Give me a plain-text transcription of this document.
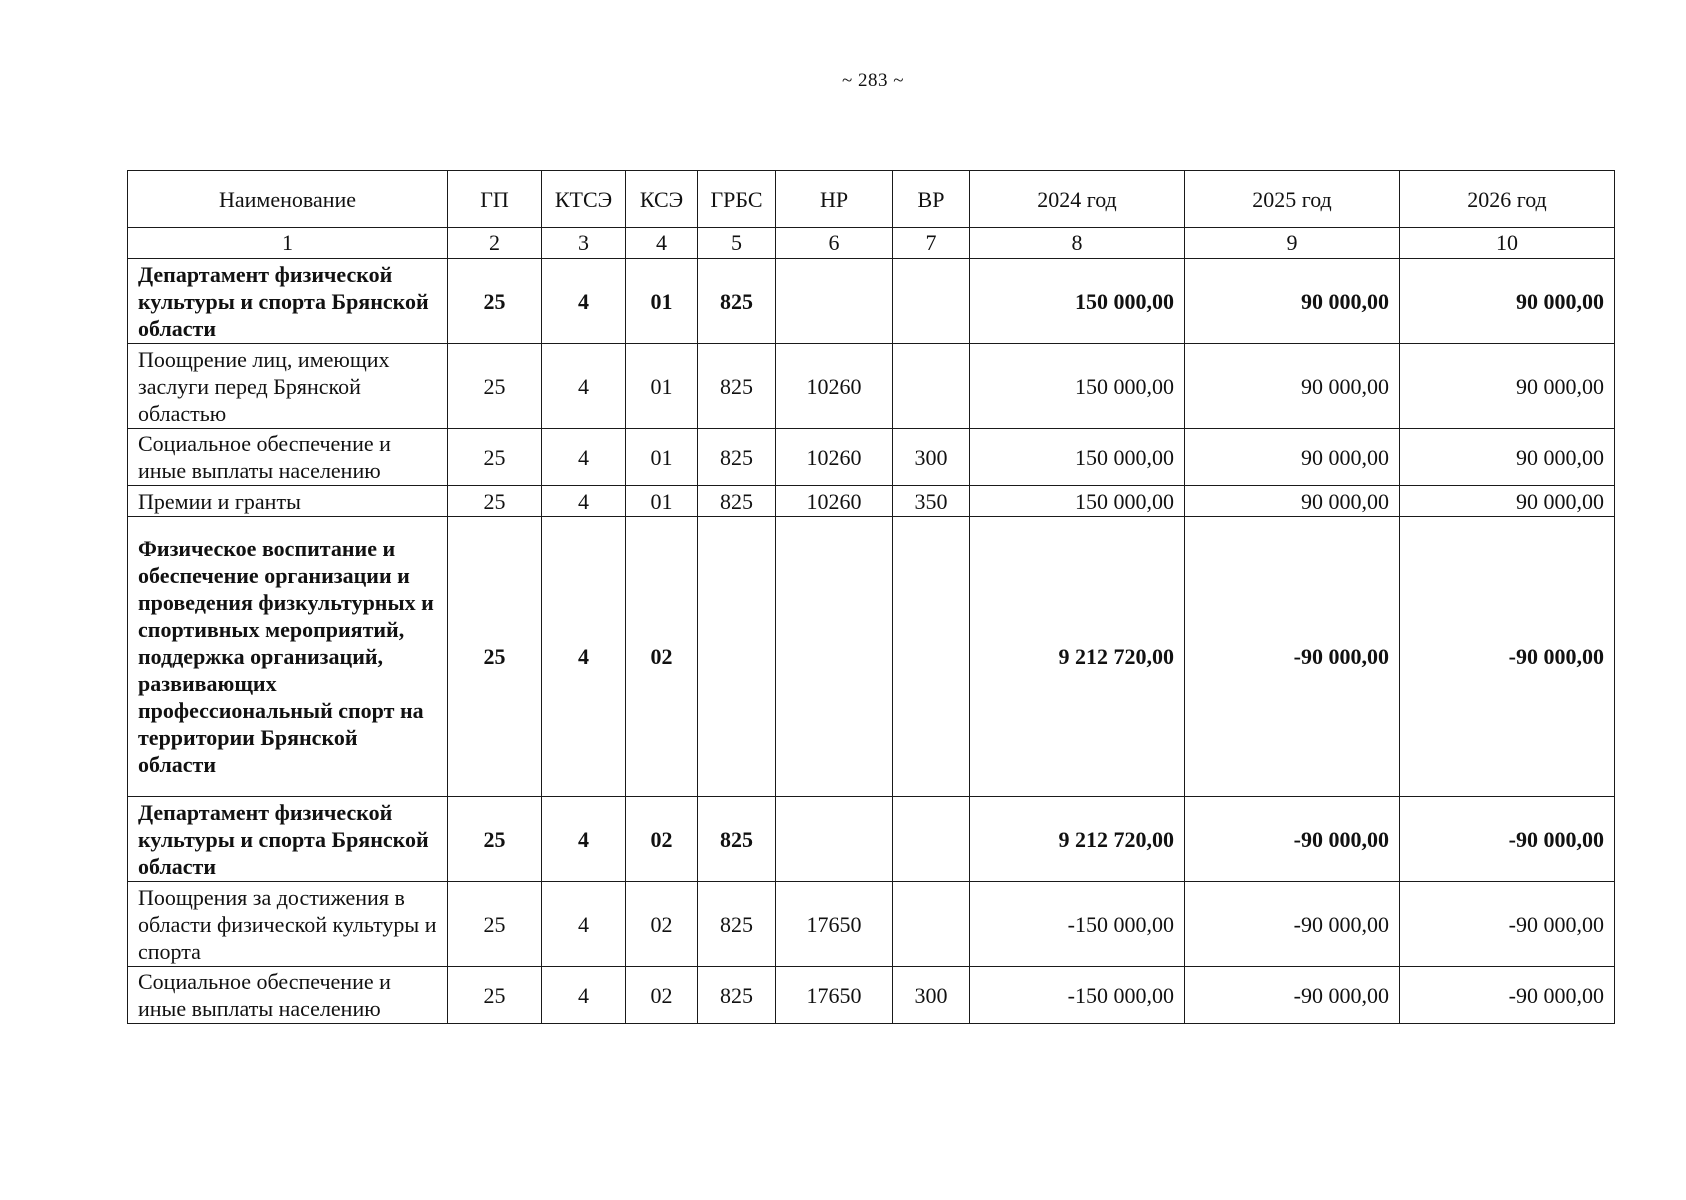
~ 283 ~
Наименование	ГП	КТСЭ	КСЭ	ГРБС	НР	ВР	2024 год	2025 год	2026 год
1	2	3	4	5	6	7	8	9	10
Департамент физической культуры и спорта Брянской области	25	4	01	825			150 000,00	90 000,00	90 000,00
Поощрение лиц, имеющих заслуги перед Брянской областью	25	4	01	825	10260		150 000,00	90 000,00	90 000,00
Социальное обеспечение и иные выплаты населению	25	4	01	825	10260	300	150 000,00	90 000,00	90 000,00
Премии и гранты	25	4	01	825	10260	350	150 000,00	90 000,00	90 000,00
Физическое воспитание и обеспечение организации и проведения физкультурных и спортивных мероприятий, поддержка организаций, развивающих профессиональный спорт на территории Брянской области	25	4	02				9 212 720,00	-90 000,00	-90 000,00
Департамент физической культуры и спорта Брянской области	25	4	02	825			9 212 720,00	-90 000,00	-90 000,00
Поощрения за достижения в области физической культуры и спорта	25	4	02	825	17650		-150 000,00	-90 000,00	-90 000,00
Социальное обеспечение и иные выплаты населению	25	4	02	825	17650	300	-150 000,00	-90 000,00	-90 000,00
